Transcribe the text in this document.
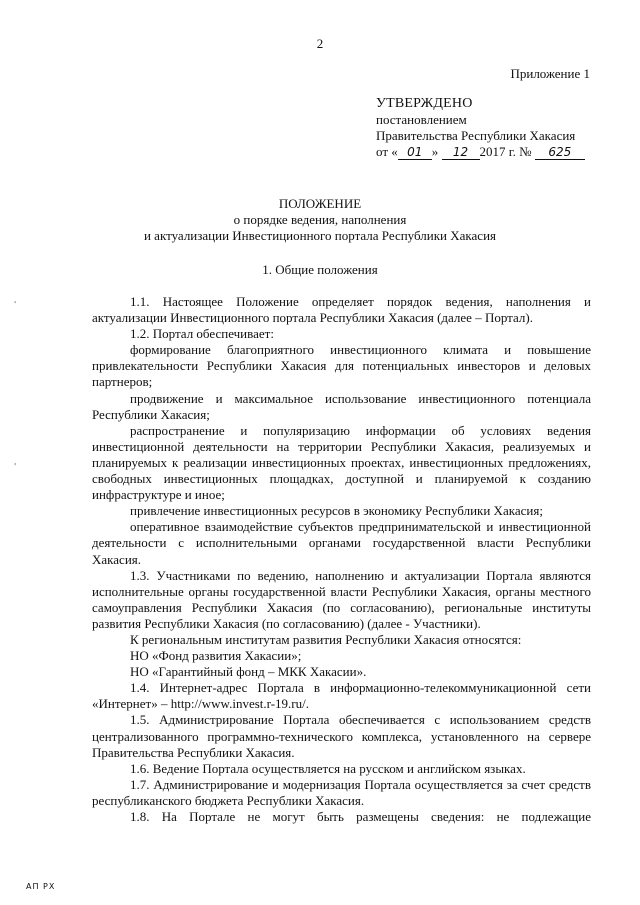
2
Приложение 1
УТВЕРЖДЕНО
постановлением
Правительства Республики Хакасия
от « 01 » 12 2017 г. № 625
ПОЛОЖЕНИЕ
о порядке ведения, наполнения
и актуализации Инвестиционного портала Республики Хакасия
1. Общие положения

1.1. Настоящее Положение определяет порядок ведения, наполнения и актуализации Инвестиционного портала Республики Хакасия (далее – Портал).

1.2. Портал обеспечивает:

формирование благоприятного инвестиционного климата и повышение привлекательности Республики Хакасия для потенциальных инвесторов и деловых партнеров;

продвижение и максимальное использование инвестиционного потенциала Республики Хакасия;

распространение и популяризацию информации об условиях ведения инвестиционной деятельности на территории Республики Хакасия, реализуемых и планируемых к реализации инвестиционных проектах, инвестиционных предложениях, свободных инвестиционных площадках, доступной и планируемой к созданию инфраструктуре и иное;

привлечение инвестиционных ресурсов в экономику Республики Хакасия;

оперативное взаимодействие субъектов предпринимательской и инвестиционной деятельности с исполнительными органами государственной власти Республики Хакасия.

1.3. Участниками по ведению, наполнению и актуализации Портала являются исполнительные органы государственной власти Республики Хакасия, органы местного самоуправления Республики Хакасия (по согласованию), региональные институты развития Республики Хакасия (по согласованию) (далее - Участники).

К региональным институтам развития Республики Хакасия относятся:

НО «Фонд развития Хакасии»;

НО «Гарантийный фонд – МКК Хакасии».

1.4. Интернет-адрес Портала в информационно-телекоммуникационной сети «Интернет» – http://www.invest.r-19.ru/.

1.5. Администрирование Портала обеспечивается с использованием средств централизованного программно-технического комплекса, установленного на сервере Правительства Республики Хакасия.

1.6. Ведение Портала осуществляется на русском и английском языках.

1.7. Администрирование и модернизация Портала осуществляется за счет средств республиканского бюджета Республики Хакасия.

1.8. На Портале не могут быть размещены сведения: не подлежащие

'
'
АП РХ
